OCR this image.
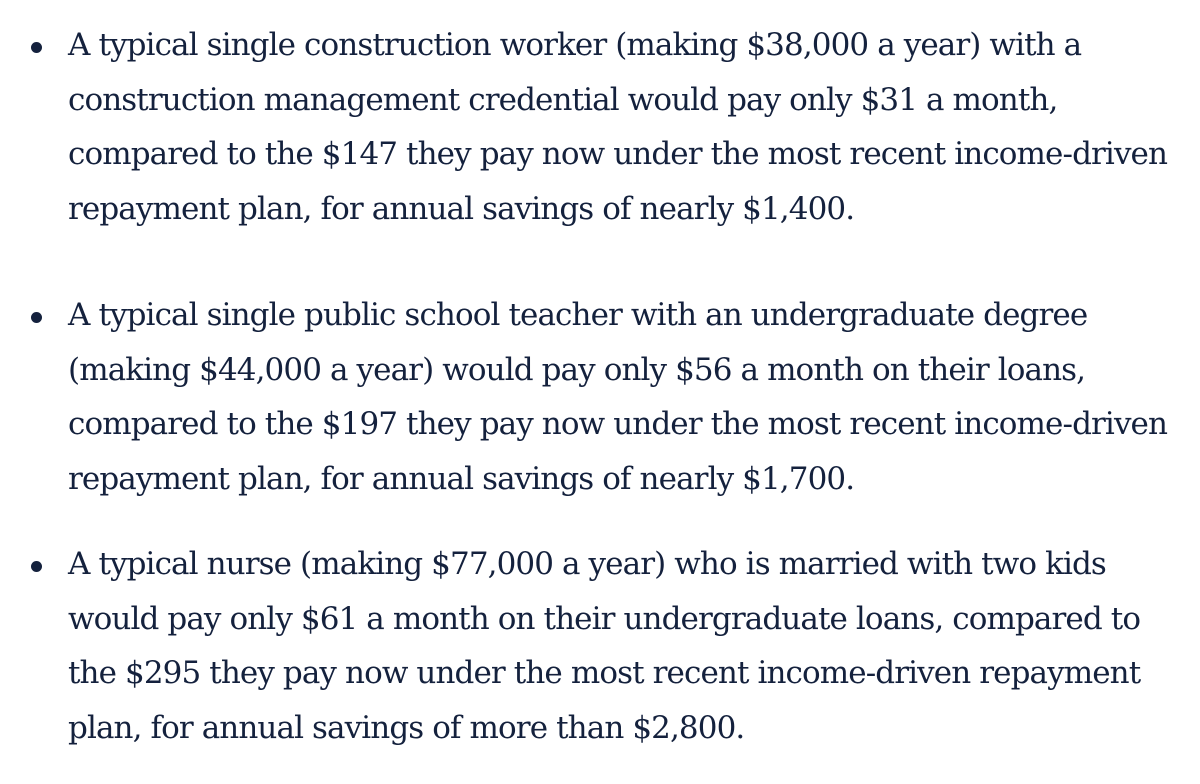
A typical single construction worker (making $38,000 a year) with a
construction management credential would pay only $31 a month,
compared to the $147 they pay now under the most recent income-driven
repayment plan, for annual savings of nearly $1,400.

A typical single public school teacher with an undergraduate degree
(making $44,000 a year) would pay only $56 a month on their loans,
compared to the $197 they pay now under the most recent income-driven
repayment plan, for annual savings of nearly $1,700.

A typical nurse (making $77,000 a year) who is married with two kids
would pay only $61 a month on their undergraduate loans, compared to
the $295 they pay now under the most recent income-driven repayment
plan, for annual savings of more than $2,800.
